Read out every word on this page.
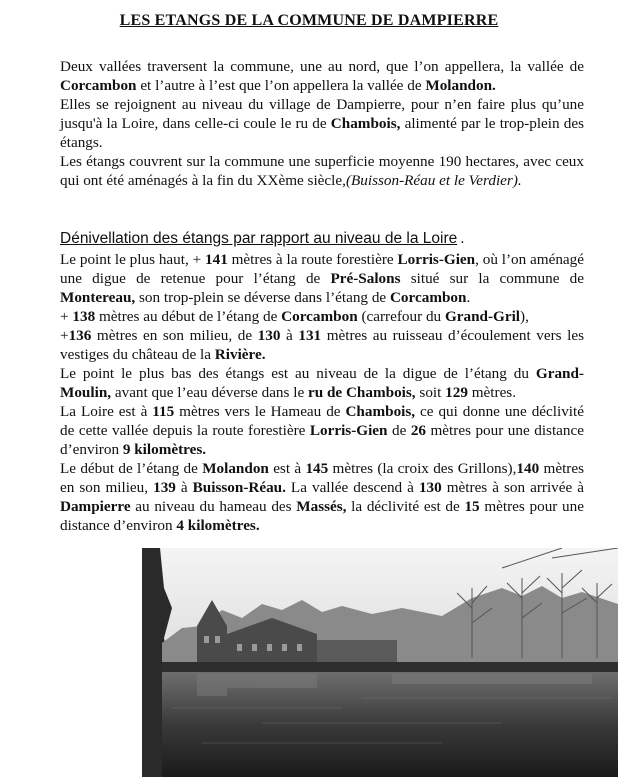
LES ETANGS DE LA COMMUNE DE DAMPIERRE

Deux vallées traversent la commune, une au nord, que l’on appellera, la vallée de Corcambon et l’autre à l’est que l’on appellera la vallée de Molandon.

Elles se rejoignent au niveau du village de Dampierre, pour n’en faire plus qu’une jusqu'à la Loire, dans celle-ci coule le ru de Chambois, alimenté par le trop-plein des étangs.

Les étangs couvrent sur la commune une superficie moyenne 190 hectares, avec ceux qui ont été aménagés à la fin du XXème siècle,(Buisson-Réau et le Verdier).

Dénivellation des étangs par rapport au niveau de la Loire .

Le point le plus haut, + 141 mètres à la route forestière Lorris-Gien, où l’on aménagé une digue de retenue pour l’étang de Pré-Salons situé sur la commune de Montereau, son trop-plein se déverse dans l’étang de Corcambon.

+ 138 mètres au début de l’étang de Corcambon (carrefour du Grand-Gril),

+136 mètres en son milieu, de 130 à 131 mètres au ruisseau d’écoulement vers les vestiges du château de la Rivière.

Le point le plus bas des étangs est au niveau de la digue de l’étang du Grand-Moulin, avant que l’eau déverse dans le ru de Chambois, soit 129 mètres.

La Loire est à 115 mètres vers le Hameau de Chambois, ce qui donne une déclivité de cette vallée depuis la route forestière Lorris-Gien de 26 mètres pour une distance d’environ 9 kilomètres.

Le début de l’étang de Molandon est à 145 mètres (la croix des Grillons),140 mètres en son milieu, 139 à Buisson-Réau. La vallée descend à 130 mètres à son arrivée à Dampierre au niveau du hameau des Massés, la déclivité est de 15 mètres pour une distance d’environ 4 kilomètres.
